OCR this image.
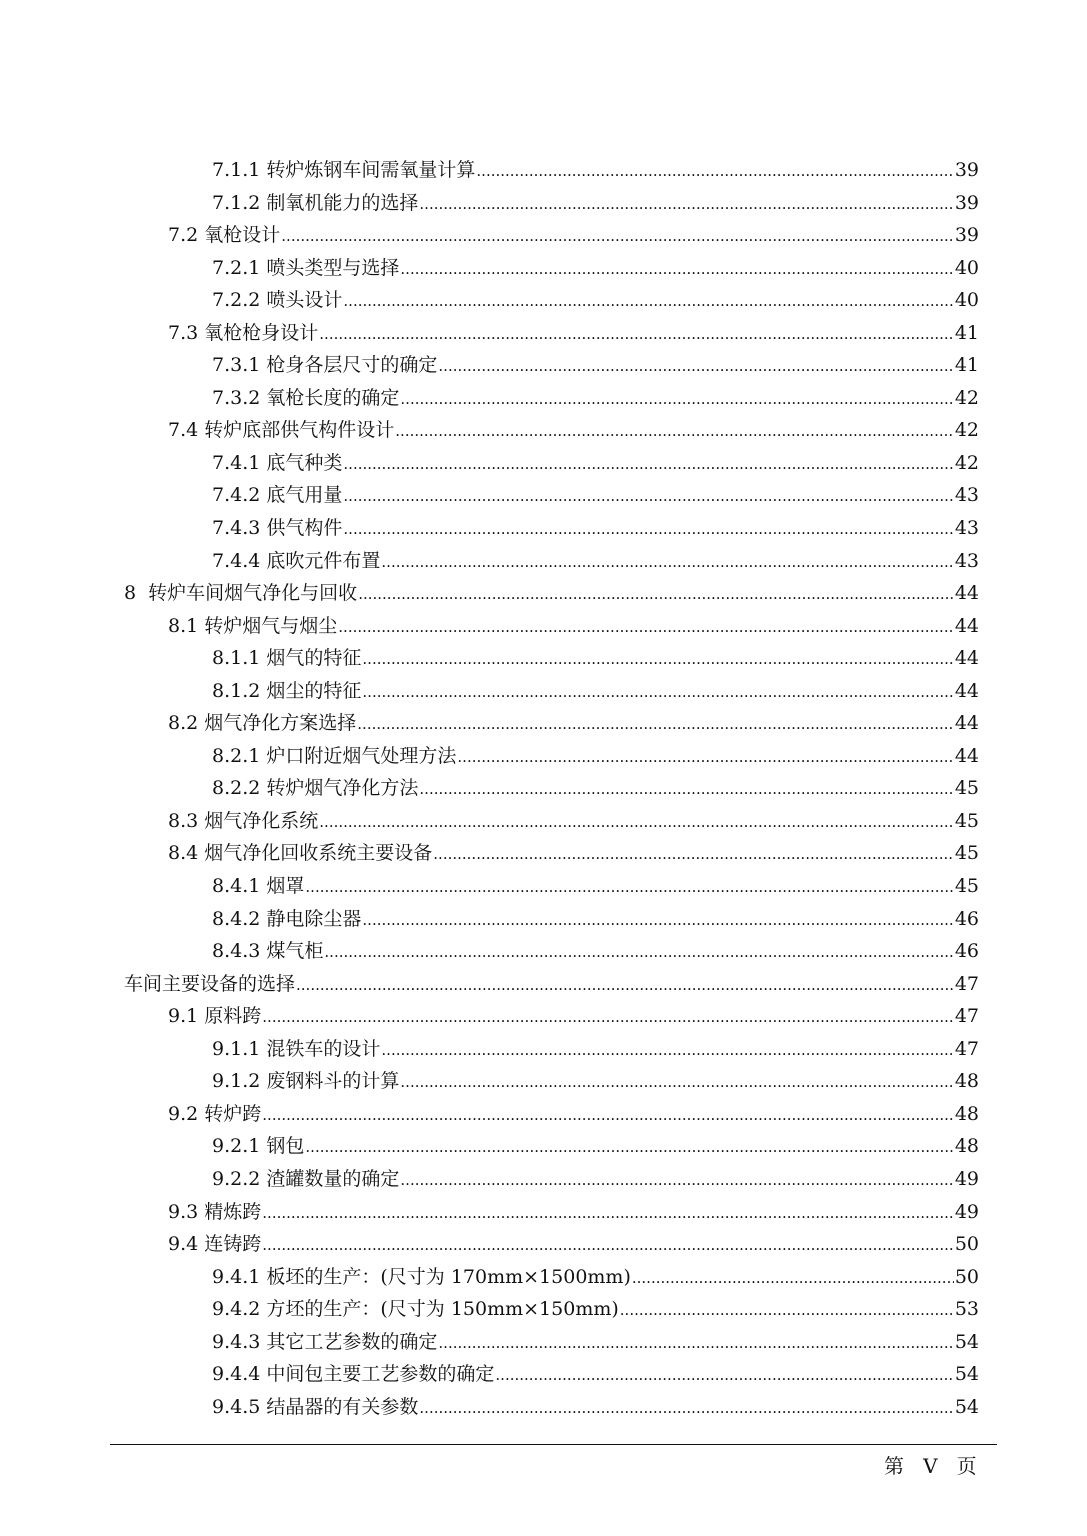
7.1.1 转炉炼钢车间需氧量计算 .....	39
7.1.2 制氧机能力的选择 .....	39
7.2 氧枪设计 .....	39
7.2.1 喷头类型与选择 .....	40
7.2.2 喷头设计 .....	40
7.3 氧枪枪身设计 .....	41
7.3.1 枪身各层尺寸的确定 .....	41
7.3.2 氧枪长度的确定 .....	42
7.4 转炉底部供气构件设计 .....	42
7.4.1 底气种类 .....	42
7.4.2 底气用量 .....	43
7.4.3 供气构件 .....	43
7.4.4 底吹元件布置 .....	43
8 转炉车间烟气净化与回收 .....	44
8.1 转炉烟气与烟尘 .....	44
8.1.1 烟气的特征 .....	44
8.1.2 烟尘的特征 .....	44
8.2 烟气净化方案选择 .....	44
8.2.1 炉口附近烟气处理方法 .....	44
8.2.2 转炉烟气净化方法 .....	45
8.3 烟气净化系统 .....	45
8.4 烟气净化回收系统主要设备 .....	45
8.4.1 烟罩 .....	45
8.4.2 静电除尘器 .....	46
8.4.3 煤气柜 .....	46
车间主要设备的选择 .....	47
9.1 原料跨 .....	47
9.1.1 混铁车的设计 .....	47
9.1.2 废钢料斗的计算 .....	48
9.2 转炉跨 .....	48
9.2.1 钢包 .....	48
9.2.2 渣罐数量的确定 .....	49
9.3 精炼跨 .....	49
9.4 连铸跨 .....	50
9.4.1 板坯的生产：(尺寸为 170mm×1500mm) .....	50
9.4.2 方坯的生产：(尺寸为 150mm×150mm) .....	53
9.4.3 其它工艺参数的确定 .....	54
9.4.4 中间包主要工艺参数的确定 .....	54
9.4.5 结晶器的有关参数 .....	54
第   V   页
